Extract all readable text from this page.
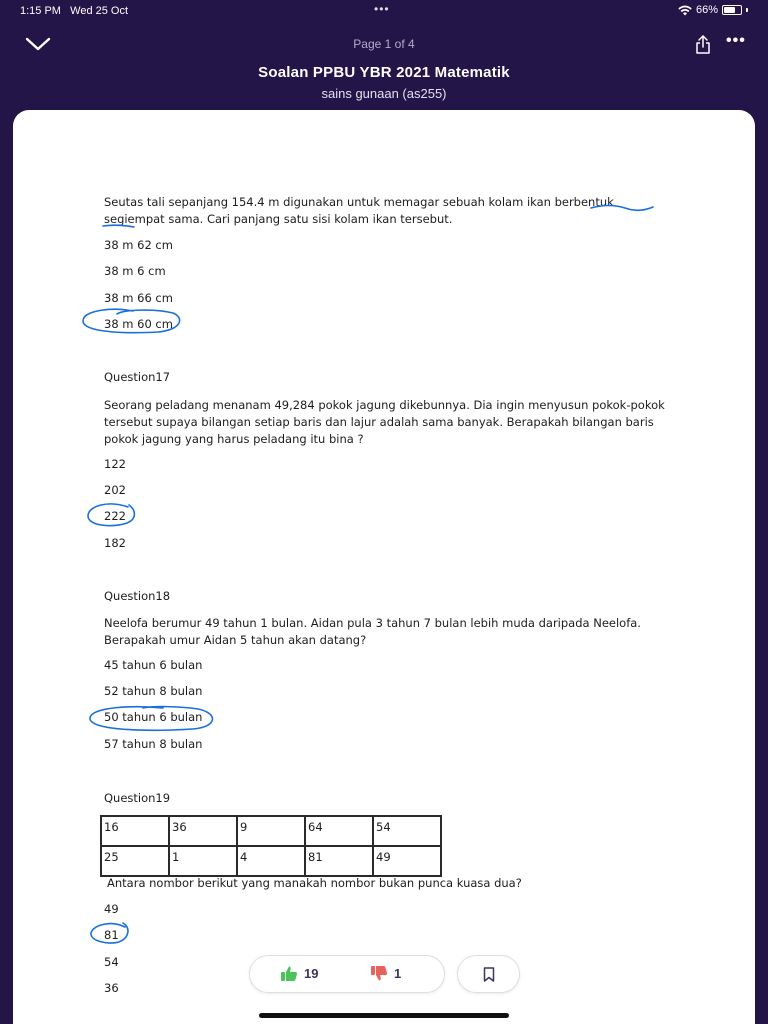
1:15 PM Wed 25 Oct	•••	66%
Page 1 of 4	•••
Soalan PPBU YBR 2021 Matematik
sains gunaan (as255)
Seutas tali sepanjang 154.4 m digunakan untuk memagar sebuah kolam ikan berbentuk segiempat sama. Cari panjang satu sisi kolam ikan tersebut.
38 m 62 cm
38 m 6 cm
38 m 66 cm
38 m 60 cm
Question17
Seorang peladang menanam 49,284 pokok jagung dikebunnya. Dia ingin menyusun pokok-pokok tersebut supaya bilangan setiap baris dan lajur adalah sama banyak. Berapakah bilangan baris pokok jagung yang harus peladang itu bina ?
122
202
222
182
Question18
Neelofa berumur 49 tahun 1 bulan. Aidan pula 3 tahun 7 bulan lebih muda daripada Neelofa. Berapakah umur Aidan 5 tahun akan datang?
45 tahun 6 bulan
52 tahun 8 bulan
50 tahun 6 bulan
57 tahun 8 bulan
Question19
16	36	9	64	54
25	1	4	81	49
Antara nombor berikut yang manakah nombor bukan punca kuasa dua?
49
81
54
36
19	1
